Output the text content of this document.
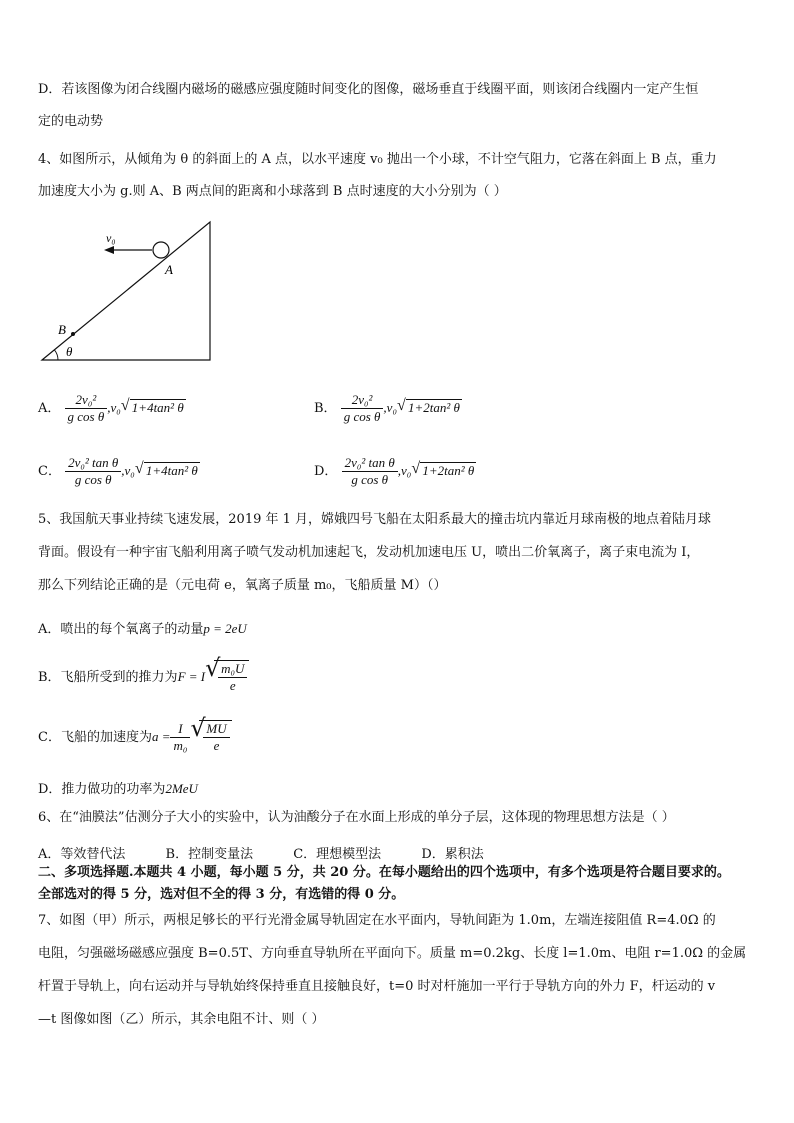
D．若该图像为闭合线圈内磁场的磁感应强度随时间变化的图像，磁场垂直于线圈平面，则该闭合线圈内一定产生恒
定的电动势
4、如图所示，从倾角为 θ 的斜面上的 A 点，以水平速度 v₀ 抛出一个小球，不计空气阻力，它落在斜面上 B 点，重力
加速度大小为 g.则 A、B 两点间的距离和小球落到 B 点时速度的大小分别为（ ）
v₀
A
B
θ
A． $\frac{\text{2v₀²}}{\text{g cos θ}} ,v_0$ √ 1+4tan² θ	B． $\frac{\text{2v₀²}}{\text{g cos θ}} ,v_0$ √ 1+2tan² θ
C． $\frac{\text{2v₀² tan θ}}{\text{g cos θ}} ,v_0$ √ 1+4tan² θ	D． $\frac{\text{2v₀² tan θ}}{\text{g cos θ}} ,v_0$ √ 1+2tan² θ
5、我国航天事业持续飞速发展，2019 年 1 月，嫦娥四号飞船在太阳系最大的撞击坑内靠近月球南极的地点着陆月球
背面。假设有一种宇宙飞船利用离子喷气发动机加速起飞，发动机加速电压 U，喷出二价氧离子，离子束电流为 I，
那么下列结论正确的是（元电荷 e，氧离子质量 m₀，飞船质量 M）（）
A．喷出的每个氧离子的动量p = 2eU
B．飞船所受到的推力为F = I √
$\frac{\text{m₀U}}{e}$
C．飞船的加速度为$a = \frac{I}{\text{m₀}}$ √
$\frac{MU}{e}$
D．推力做功的功率为2MeU
6、在“油膜法”估测分子大小的实验中，认为油酸分子在水面上形成的单分子层，这体现的物理思想方法是（ ）
A．等效替代法	B．控制变量法	C．理想模型法	D．累积法
二、多项选择题.本题共 4 小题，每小题 5 分，共 20 分。在每小题给出的四个选项中，有多个选项是符合题目要求的。
全部选对的得 5 分，选对但不全的得 3 分，有选错的得 0 分。
7、如图（甲）所示，两根足够长的平行光滑金属导轨固定在水平面内，导轨间距为 1.0m，左端连接阻值 R=4.0Ω 的
电阻，匀强磁场磁感应强度 B=0.5T、方向垂直导轨所在平面向下。质量 m=0.2kg、长度 l=1.0m、电阻 r=1.0Ω 的金属
杆置于导轨上，向右运动并与导轨始终保持垂直且接触良好，t=0 时对杆施加一平行于导轨方向的外力 F，杆运动的 v
—t 图像如图（乙）所示，其余电阻不计、则（ ）
